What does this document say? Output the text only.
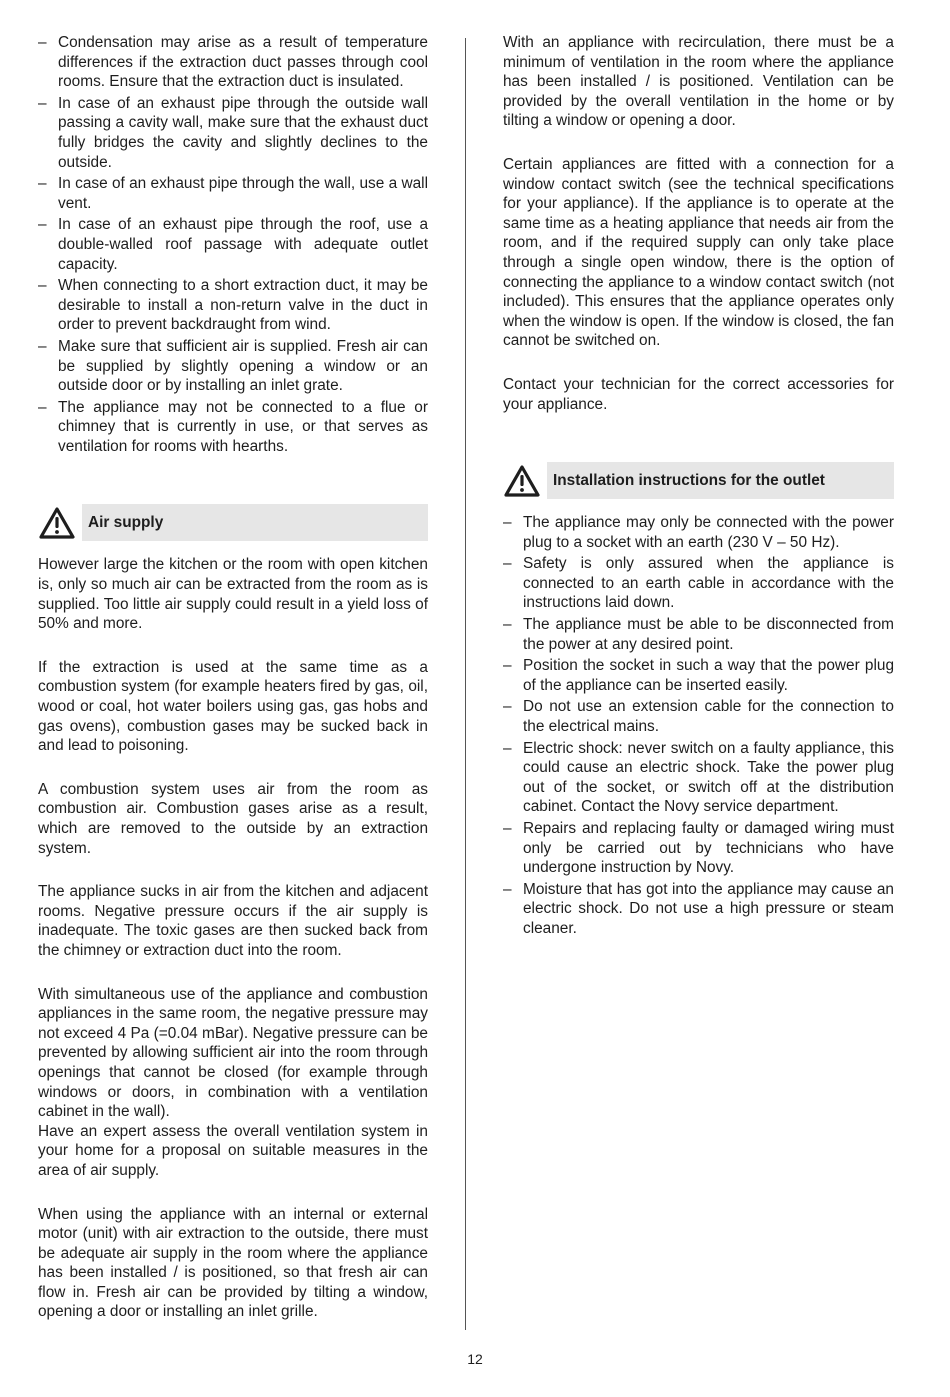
– Condensation may arise as a result of temperature differences if the extraction duct passes through cool rooms. Ensure that the extraction duct is insulated.
– In case of an exhaust pipe through the outside wall passing a cavity wall, make sure that the exhaust duct fully bridges the cavity and slightly declines to the outside.
– In case of an exhaust pipe through the wall, use a wall vent.
– In case of an exhaust pipe through the roof, use a double-walled roof passage with adequate outlet capacity.
– When connecting to a short extraction duct, it may be desirable to install a non-return valve in the duct in order to prevent backdraught from wind.
– Make sure that sufficient air is supplied. Fresh air can be supplied by slightly opening a window or an outside door or by installing an inlet grate.
– The appliance may not be connected to a flue or chimney that is currently in use, or that serves as ventilation for rooms with hearths.
Air supply

However large the kitchen or the room with open kitchen is, only so much air can be extracted from the room as is supplied. Too little air supply could result in a yield loss of 50% and more.

If the extraction is used at the same time as a combustion system (for example heaters fired by gas, oil, wood or coal, hot water boilers using gas, gas hobs and gas ovens), combustion gases may be sucked back in and lead to poisoning.

A combustion system uses air from the room as combustion air. Combustion gases arise as a result, which are removed to the outside by an extraction system.

The appliance sucks in air from the kitchen and adjacent rooms. Negative pressure occurs if the air supply is inadequate. The toxic gases are then sucked back from the chimney or extraction duct into the room.

With simultaneous use of the appliance and combustion appliances in the same room, the negative pressure may not exceed 4 Pa (=0.04 mBar). Negative pressure can be prevented by allowing sufficient air into the room through openings that cannot be closed (for example through windows or doors, in combination with a ventilation cabinet in the wall).

Have an expert assess the overall ventilation system in your home for a proposal on suitable measures in the area of air supply.

When using the appliance with an internal or external motor (unit) with air extraction to the outside, there must be adequate air supply in the room where the appliance has been installed / is positioned, so that fresh air can flow in. Fresh air can be provided by tilting a window, opening a door or installing an inlet grille.

With an appliance with recirculation, there must be a minimum of ventilation in the room where the appliance has been installed / is positioned. Ventilation can be provided by the overall ventilation in the home or by tilting a window or opening a door.

Certain appliances are fitted with a connection for a window contact switch (see the technical specifications for your appliance). If the appliance is to operate at the same time as a heating appliance that needs air from the room, and if the required supply can only take place through a single open window, there is the option of connecting the appliance to a window contact switch (not included). This ensures that the appliance operates only when the window is open. If the window is closed, the fan cannot be switched on.

Contact your technician for the correct accessories for your appliance.

Installation instructions for the outlet
– The appliance may only be connected with the power plug to a socket with an earth (230 V – 50 Hz).
– Safety is only assured when the appliance is connected to an earth cable in accordance with the instructions laid down.
– The appliance must be able to be disconnected from the power at any desired point.
– Position the socket in such a way that the power plug of the appliance can be inserted easily.
– Do not use an extension cable for the connection to the electrical mains.
– Electric shock: never switch on a faulty appliance, this could cause an electric shock. Take the power plug out of the socket, or switch off at the distribution cabinet. Contact the Novy service department.
– Repairs and replacing faulty or damaged wiring must only be carried out by technicians who have undergone instruction by Novy.
– Moisture that has got into the appliance may cause an electric shock. Do not use a high pressure or steam cleaner.
12
